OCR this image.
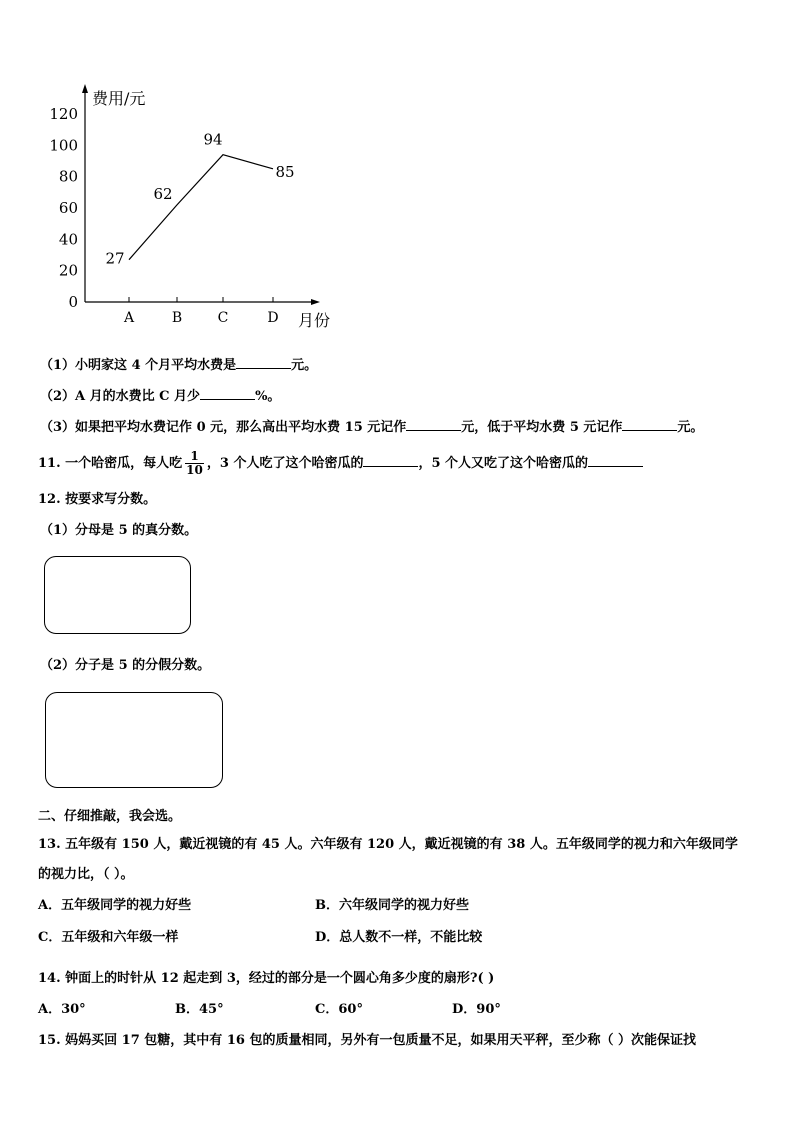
费用/元
月份
0
20
40
60
80
100
120
A	B	C	D
27
62
94
85
（1）小明家这 4 个月平均水费是	元。
（2）A 月的水费比 C 月少	%。
（3）如果把平均水费记作 0 元，那么高出平均水费 15 元记作	元，低于平均水费 5 元记作	元。
11. 一个哈密瓜，每人吃 $\frac{1}{10}$ ，3 个人吃了这个哈密瓜的	，5 个人又吃了这个哈密瓜的
12. 按要求写分数。
（1）分母是 5 的真分数。
（2）分子是 5 的分假分数。
二、仔细推敲，我会选。
13. 五年级有 150 人，戴近视镜的有 45 人。六年级有 120 人，戴近视镜的有 38 人。五年级同学的视力和六年级同学
的视力比，（ ）。
A．五年级同学的视力好些	B．六年级同学的视力好些
C．五年级和六年级一样	D．总人数不一样，不能比较
14. 钟面上的时针从 12 起走到 3，经过的部分是一个圆心角多少度的扇形?( )
A．30°	B．45°	C．60°	D．90°
15. 妈妈买回 17 包糖，其中有 16 包的质量相同，另外有一包质量不足，如果用天平秤，至少称（ ）次能保证找
